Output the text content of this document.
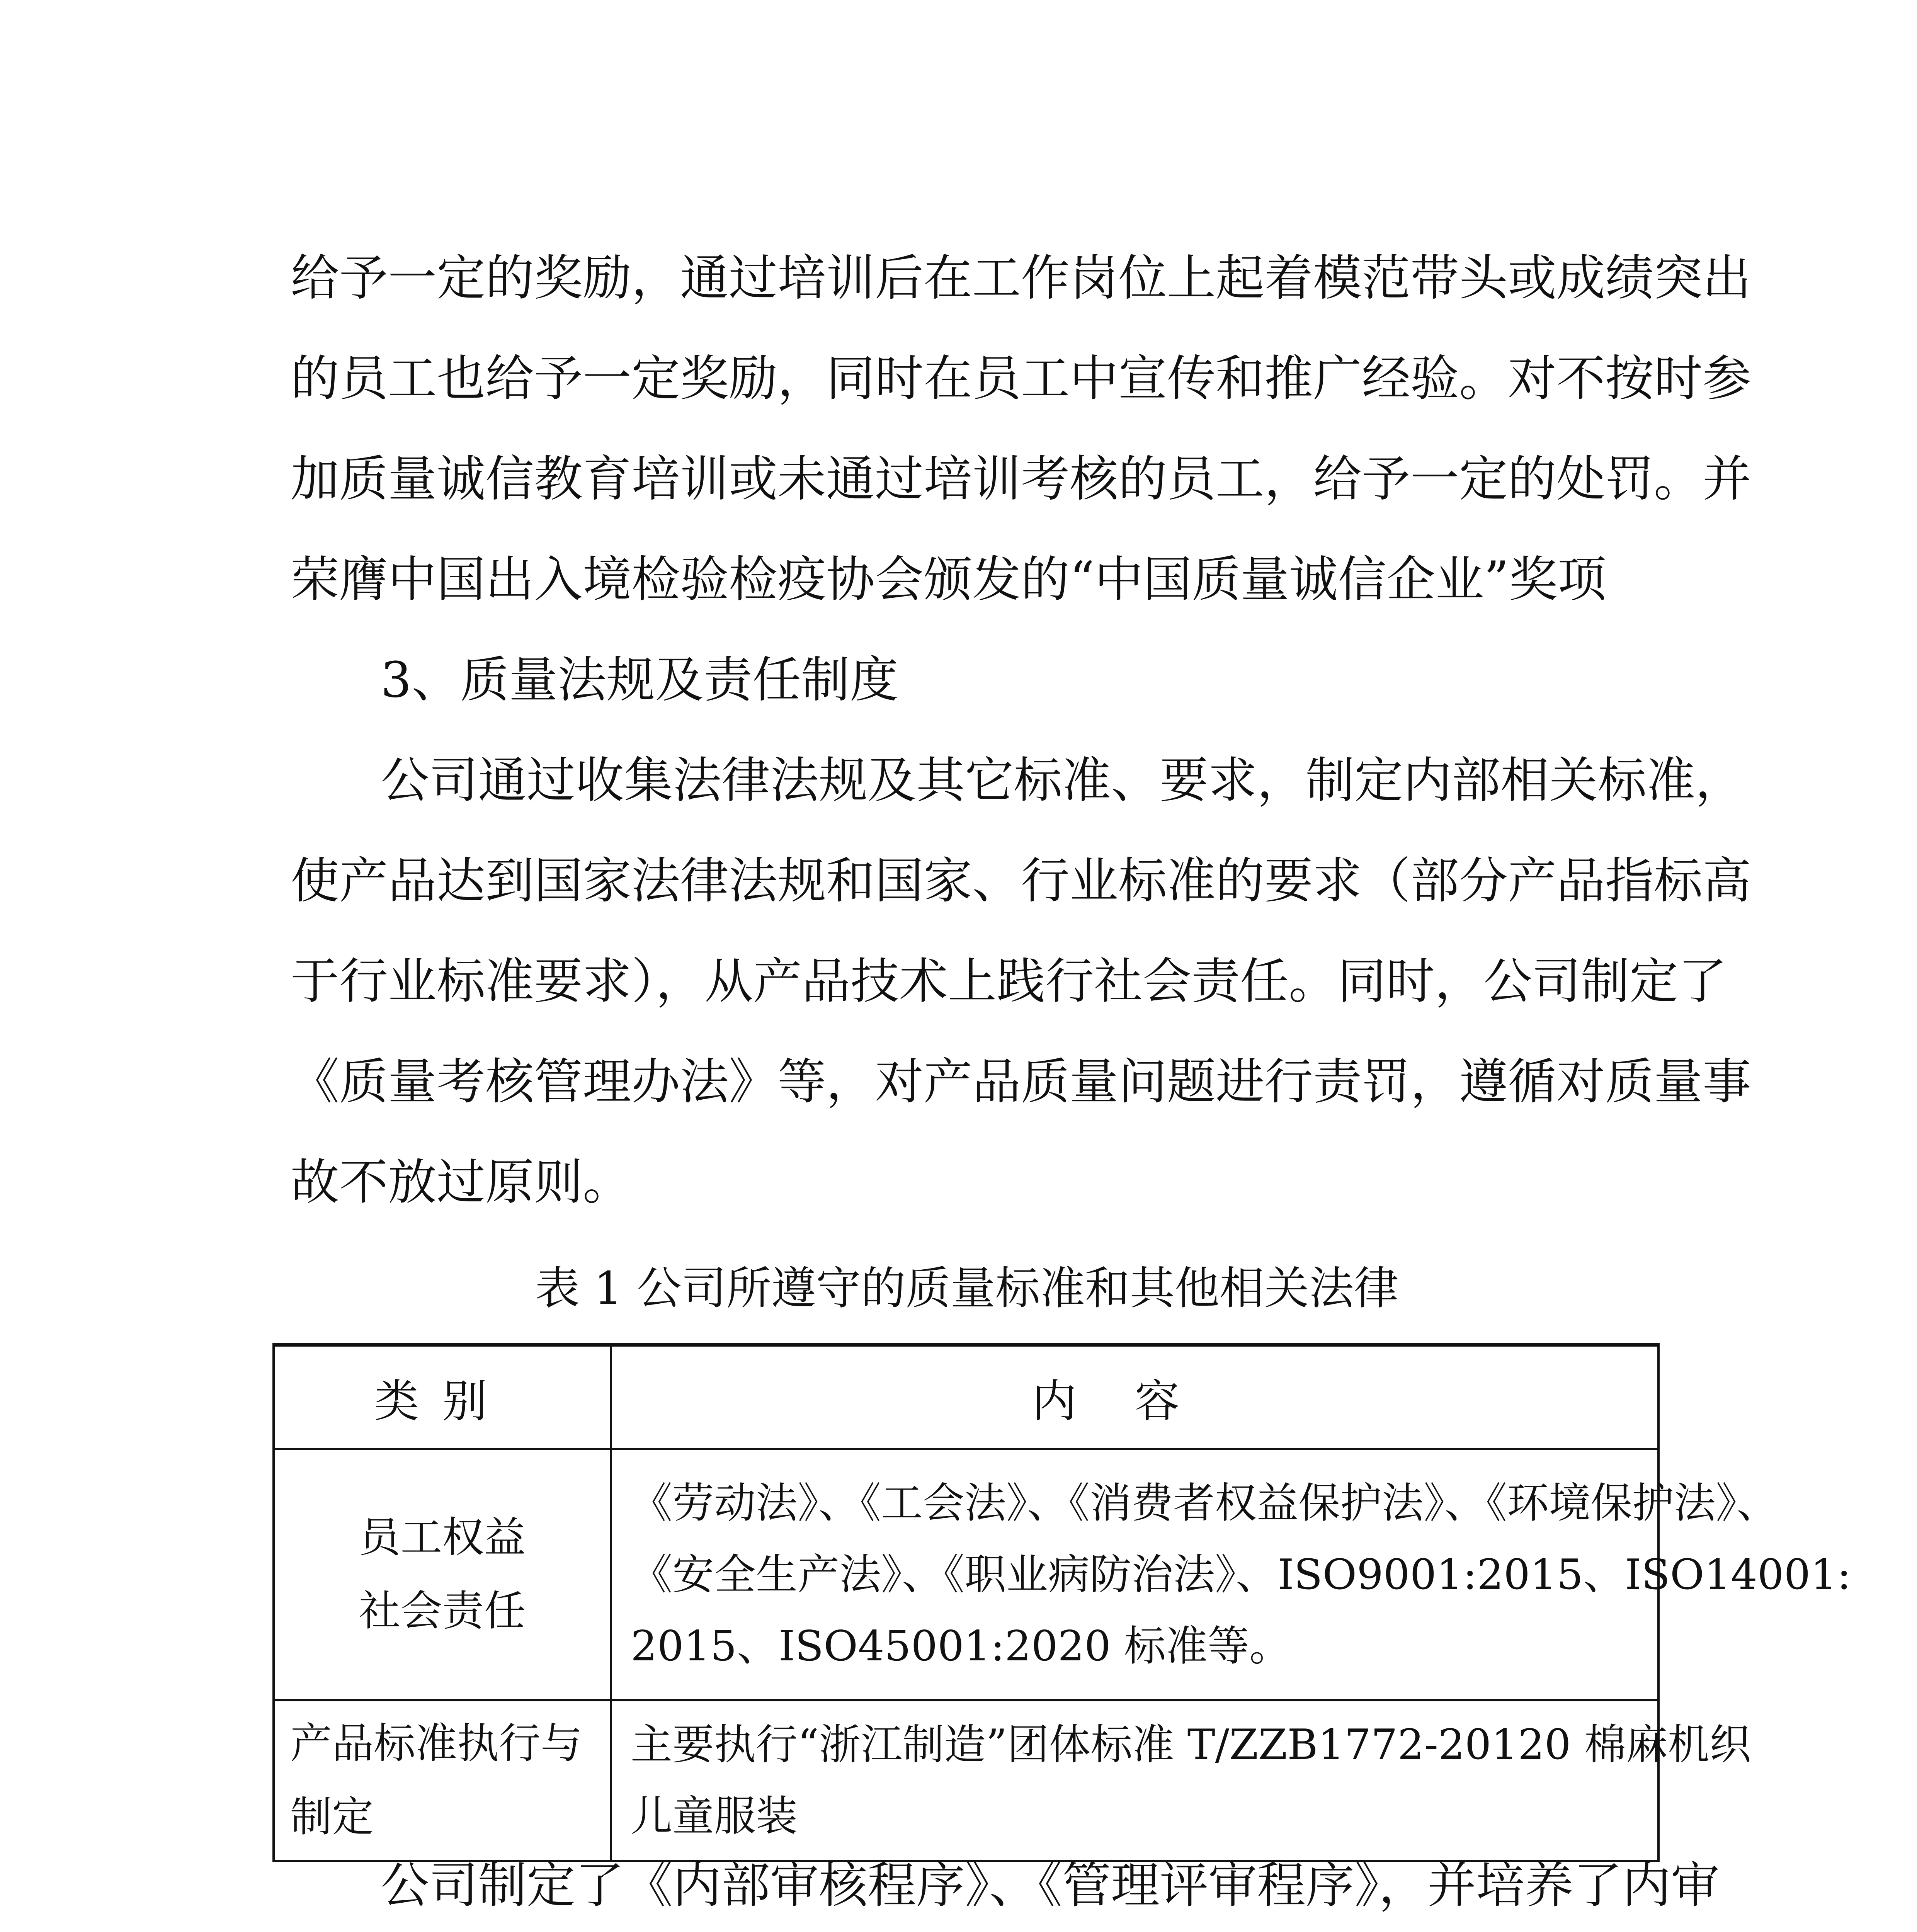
给予一定的奖励，通过培训后在工作岗位上起着模范带头或成绩突出
的员工也给予一定奖励，同时在员工中宣传和推广经验。对不按时参
加质量诚信教育培训或未通过培训考核的员工，给予一定的处罚。并
荣膺中国出入境检验检疫协会颁发的“中国质量诚信企业”奖项
3、质量法规及责任制度
公司通过收集法律法规及其它标准、要求，制定内部相关标准，
使产品达到国家法律法规和国家、行业标准的要求（部分产品指标高
于行业标准要求），从产品技术上践行社会责任。同时，公司制定了
《质量考核管理办法》等，对产品质量问题进行责罚，遵循对质量事
故不放过原则。
表 1 公司所遵守的质量标准和其他相关法律
类别	内容

员工权益
社会责任	《劳动法》、《工会法》、《消费者权益保护法》、《环境保护法》、
《安全生产法》、《职业病防治法》、ISO9001:2015、ISO14001:
2015、ISO45001:2020 标准等。

产品标准执行与
制定	主要执行“浙江制造”团体标准 T/ZZB1772-20120 棉麻机织
儿童服装
公司制定了《内部审核程序》、《管理评审程序》，并培养了内审
